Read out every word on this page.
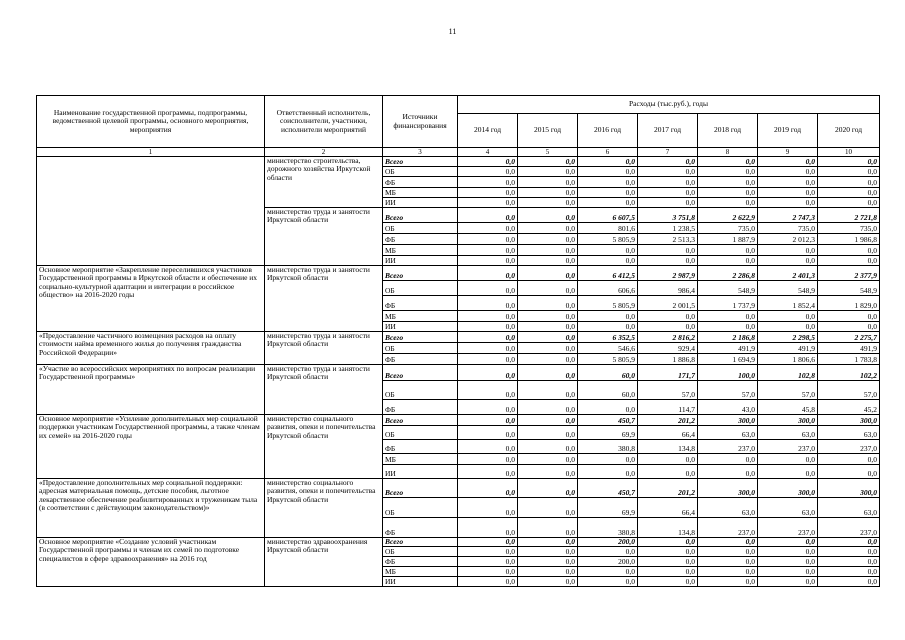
11
Наименование государственной программы, подпрограммы, ведомственной целевой программы, основного мероприятия, мероприятия	Ответственный исполнитель, соисполнители, участники, исполнители мероприятий	Источники финансирования	Расходы (тыс.руб.), годы						
			2014 год	2015 год	2016 год	2017 год	2018 год	2019 год	2020 год
1	2	3	4	5	6	7	8	9	10
	министерство строительства, дорожного хозяйства Иркутской области	Всего	0,0	0,0	0,0	0,0	0,0	0,0	0,0
		ОБ	0,0	0,0	0,0	0,0	0,0	0,0	0,0
		ФБ	0,0	0,0	0,0	0,0	0,0	0,0	0,0
		МБ	0,0	0,0	0,0	0,0	0,0	0,0	0,0
		ИИ	0,0	0,0	0,0	0,0	0,0	0,0	0,0
	министерство труда и занятости Иркутской области	Всего	0,0	0,0	6 607,5	3 751,8	2 622,9	2 747,3	2 721,8
		ОБ	0,0	0,0	801,6	1 238,5	735,0	735,0	735,0
		ФБ	0,0	0,0	5 805,9	2 513,3	1 887,9	2 012,3	1 986,8
		МБ	0,0	0,0	0,0	0,0	0,0	0,0	0,0
		ИИ	0,0	0,0	0,0	0,0	0,0	0,0	0,0
Основное мероприятие «Закрепление переселившихся участников Государственной программы в Иркутской области и обеспечение их социально-культурной адаптации и интеграции в российское общество» на 2016-2020 годы	министерство труда и занятости Иркутской области	Всего	0,0	0,0	6 412,5	2 987,9	2 286,8	2 401,3	2 377,9
		ОБ	0,0	0,0	606,6	986,4	548,9	548,9	548,9
		ФБ	0,0	0,0	5 805,9	2 001,5	1 737,9	1 852,4	1 829,0
		МБ	0,0	0,0	0,0	0,0	0,0	0,0	0,0
		ИИ	0,0	0,0	0,0	0,0	0,0	0,0	0,0
«Предоставление частичного возмещения расходов на оплату стоимости найма временного жилья до получения гражданства Российской Федерации»	министерство труда и занятости Иркутской области	Всего	0,0	0,0	6 352,5	2 816,2	2 186,8	2 298,5	2 275,7
		ОБ	0,0	0,0	546,6	929,4	491,9	491,9	491,9
		ФБ	0,0	0,0	5 805,9	1 886,8	1 694,9	1 806,6	1 783,8
«Участие во всероссийских мероприятиях по вопросам реализации Государственной программы»	министерство труда и занятости Иркутской области	Всего	0,0	0,0	60,0	171,7	100,0	102,8	102,2
		ОБ	0,0	0,0	60,0	57,0	57,0	57,0	57,0
		ФБ	0,0	0,0	0,0	114,7	43,0	45,8	45,2
Основное мероприятие «Усиление дополнительных мер социальной поддержки участникам Государственной программы, а также членам их семей» на 2016-2020 годы	министерство социального развития, опеки и попечительства Иркутской области	Всего	0,0	0,0	450,7	201,2	300,0	300,0	300,0
		ОБ	0,0	0,0	69,9	66,4	63,0	63,0	63,0
		ФБ	0,0	0,0	380,8	134,8	237,0	237,0	237,0
		МБ	0,0	0,0	0,0	0,0	0,0	0,0	0,0
		ИИ	0,0	0,0	0,0	0,0	0,0	0,0	0,0
«Предоставление дополнительных мер социальной поддержки: адресная материальная помощь, детские пособия, льготное лекарственное обеспечение реабилитированных и труженикам тыла (в соответствии с действующим законодательством)»	министерство социального развития, опеки и попечительства Иркутской области	Всего	0,0	0,0	450,7	201,2	300,0	300,0	300,0
		ОБ	0,0	0,0	69,9	66,4	63,0	63,0	63,0
		ФБ	0,0	0,0	380,8	134,8	237,0	237,0	237,0
Основное мероприятие «Создание условий участникам Государственной программы и членам их семей по подготовке специалистов в сфере здравоохранения» на 2016 год	министерство здравоохранения Иркутской области	Всего	0,0	0,0	200,0	0,0	0,0	0,0	0,0
		ОБ	0,0	0,0	0,0	0,0	0,0	0,0	0,0
		ФБ	0,0	0,0	200,0	0,0	0,0	0,0	0,0
		МБ	0,0	0,0	0,0	0,0	0,0	0,0	0,0
		ИИ	0,0	0,0	0,0	0,0	0,0	0,0	0,0
